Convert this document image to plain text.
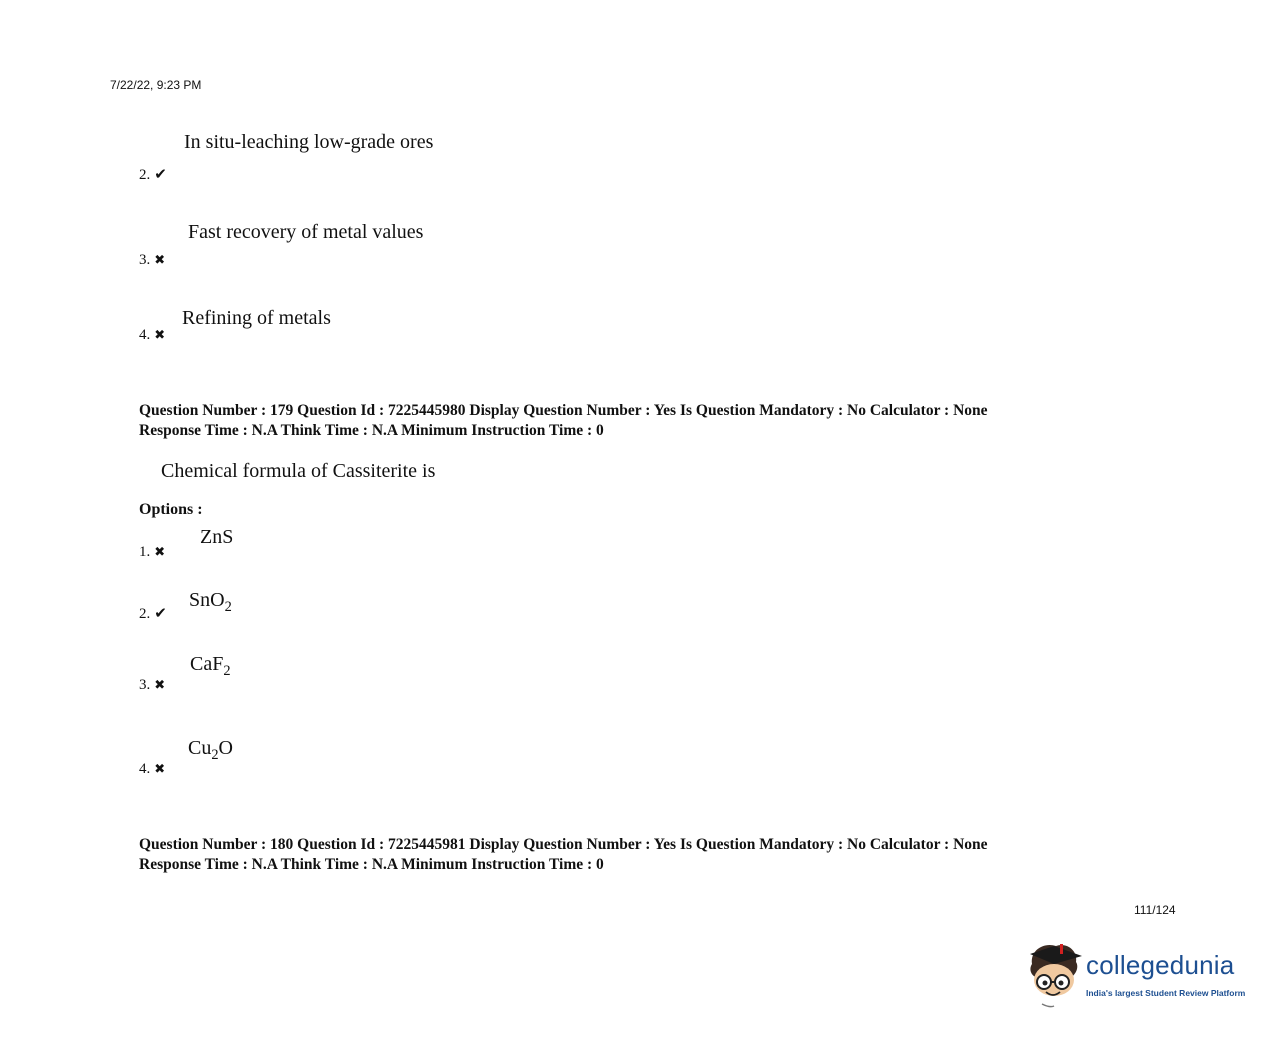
7/22/22, 9:23 PM
In situ-leaching low-grade ores
2. ✔
Fast recovery of metal values
3. ✖
Refining of metals
4. ✖
Question Number : 179 Question Id : 7225445980 Display Question Number : Yes Is Question Mandatory : No Calculator : None
Response Time : N.A Think Time : N.A Minimum Instruction Time : 0
Chemical formula of Cassiterite is
Options :
ZnS
1. ✖
SnO$_2$
2. ✔
CaF$_2$
3. ✖
$Cu_2O$
4. ✖
Question Number : 180 Question Id : 7225445981 Display Question Number : Yes Is Question Mandatory : No Calculator : None
Response Time : N.A Think Time : N.A Minimum Instruction Time : 0
111/124
collegedunia
India's largest Student Review Platform
